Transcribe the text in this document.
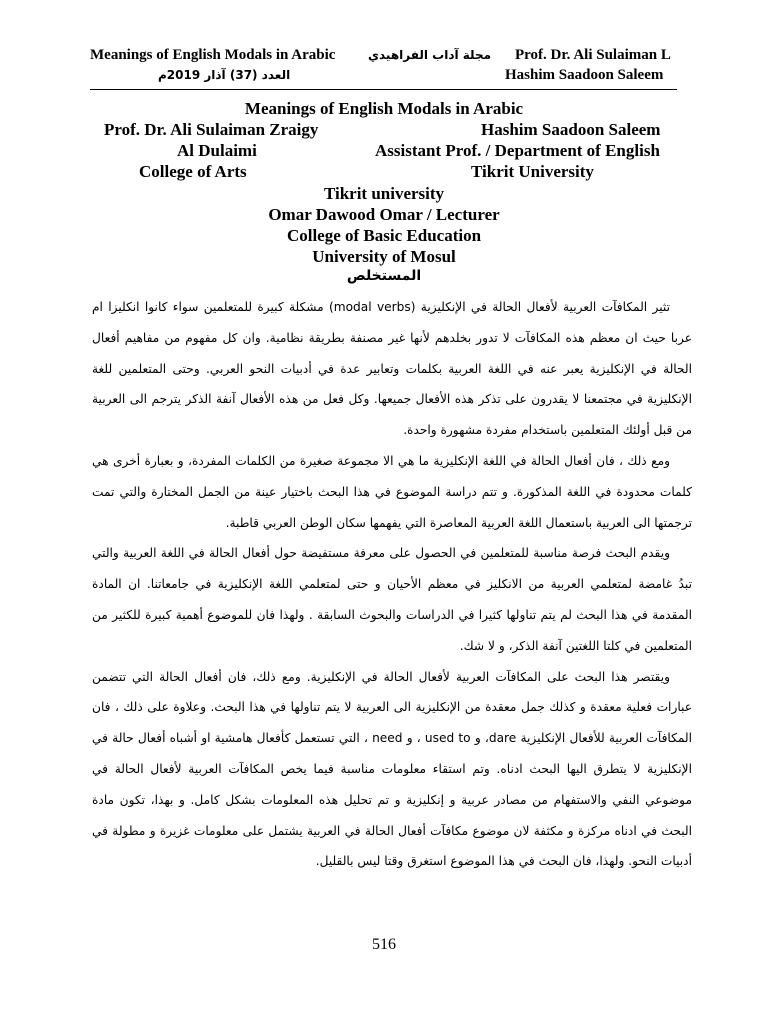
Meanings of English Modals in Arabic	مجلة آداب الفراهيدي Prof. Dr. Ali Sulaiman L
العدد (37) آذار 2019م	Hashim Saadoon Saleem
Meanings of English Modals in Arabic
Prof. Dr. Ali Sulaiman Zraigy	Hashim Saadoon Saleem
Al Dulaimi	Assistant Prof. / Department of English
College of Arts	Tikrit University
Tikrit university
Omar Dawood Omar / Lecturer
College of Basic Education
University of Mosul
المستخلص

تثير المكافآت العربية لأفعال الحالة في الإنكليزية (modal verbs) مشكلة كبيرة للمتعلمين سواء كانوا انكليزا ام عربا حيث ان معظم هذه المكافآت لا تدور بخلدهم لأنها غير مصنفة بطريقة نظامية. وان كل مفهوم من مفاهيم أفعال الحالة في الإنكليزية يعبر عنه في اللغة العربية بكلمات وتعابير عدة في أدبيات النحو العربي. وحتى المتعلمين للغة الإنكليزية في مجتمعنا لا يقدرون على تذكر هذه الأفعال جميعها. وكل فعل من هذه الأفعال آنفة الذكر يترجم الى العربية من قبل أولئك المتعلمين باستخدام مفردة مشهورة واحدة.

ومع ذلك ، فان أفعال الحالة في اللغة الإنكليزية ما هي الا مجموعة صغيرة من الكلمات المفردة، و بعبارة أخرى هي كلمات محدودة في اللغة المذكورة. و تتم دراسة الموضوع في هذا البحث باختيار عينة من الجمل المختارة والتي تمت ترجمتها الى العربية باستعمال اللغة العربية المعاصرة التي يفهمها سكان الوطن العربي قاطبة.

ويقدم البحث فرصة مناسبة للمتعلمين في الحصول على معرفة مستفيضة حول أفعال الحالة في اللغة العربية والتي تبدُ غامضة لمتعلمي العربية من الانكليز في معظم الأحيان و حتى لمتعلمي اللغة الإنكليزية في جامعاتنا. ان المادة المقدمة في هذا البحث لم يتم تناولها كثيرا في الدراسات والبحوث السابقة . ولهذا فان للموضوع أهمية كبيرة للكثير من المتعلمين في كلتا اللغتين آنفة الذكر، و لا شك.

ويقتصر هذا البحث على المكافآت العربية لأفعال الحالة في الإنكليزية. ومع ذلك، فان أفعال الحالة التي تتضمن عبارات فعلية معقدة و كذلك جمل معقدة من الإنكليزية الى العربية لا يتم تناولها في هذا البحث. وعلاوة على ذلك ، فان المكافآت العربية للأفعال الإنكليزية dare، و used to ، و need ، التي تستعمل كأفعال هامشية او أشباه أفعال حالة في الإنكليزية لا يتطرق اليها البحث ادناه. وتم استقاء معلومات مناسبة فيما يخص المكافآت العربية لأفعال الحالة في موضوعي النفي والاستفهام من مصادر عربية و إنكليزية و تم تحليل هذه المعلومات بشكل كامل. و بهذا، تكون مادة البحث في ادناه مركزة و مكثفة لان موضوع مكافآت أفعال الحالة في العربية يشتمل على معلومات غزيرة و مطولة في أدبيات النحو. ولهذا، فان البحث في هذا الموضوع استغرق وقتا ليس بالقليل.

516
